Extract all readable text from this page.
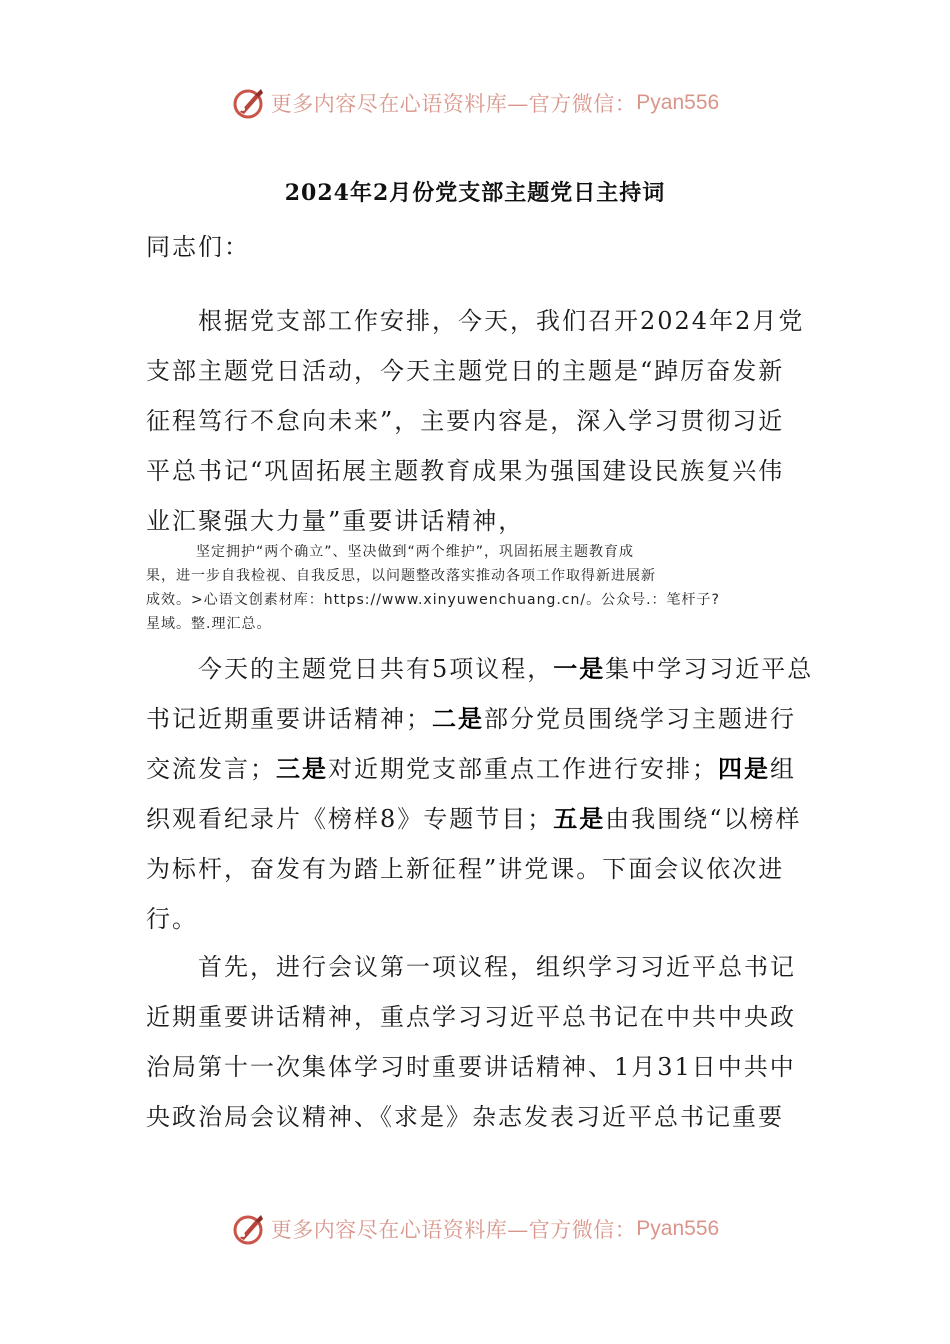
更多内容尽在心语资料库—官方微信： Pyan556
2024年2月份党支部主题党日主持词

同志们：

根据党支部工作安排，今天，我们召开2024年2月党
支部主题党日活动，今天主题党日的主题是“踔厉奋发新
征程笃行不怠向未来”，主要内容是，深入学习贯彻习近
平总书记“巩固拓展主题教育成果为强国建设民族复兴伟
业汇聚强大力量”重要讲话精神，

坚定拥护“两个确立”、坚决做到“两个维护”，巩固拓展主题教育成
果，进一步自我检视、自我反思，以问题整改落实推动各项工作取得新进展新
成效。>心语文创素材库：https://www.xinyuwenchuang.cn/。公众号.：笔杆子?
星域。整.理汇总。

今天的主题党日共有5项议程，一是集中学习习近平总
书记近期重要讲话精神；二是部分党员围绕学习主题进行
交流发言；三是对近期党支部重点工作进行安排；四是组
织观看纪录片《榜样8》专题节目；五是由我围绕“以榜样
为标杆，奋发有为踏上新征程”讲党课。下面会议依次进
行。

首先，进行会议第一项议程，组织学习习近平总书记
近期重要讲话精神，重点学习习近平总书记在中共中央政
治局第十一次集体学习时重要讲话精神、1月31日中共中
央政治局会议精神、《求是》杂志发表习近平总书记重要

更多内容尽在心语资料库—官方微信： Pyan556
